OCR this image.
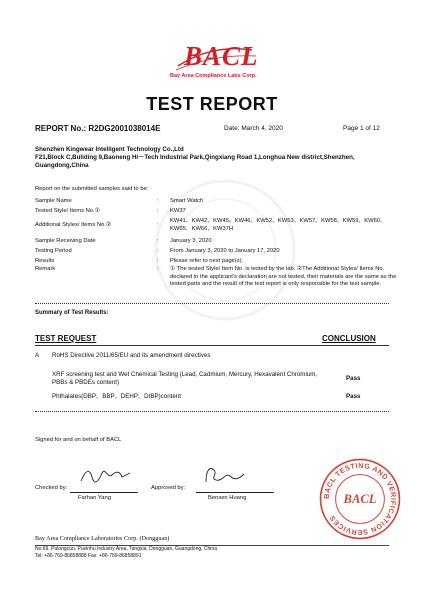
BACL
Bay Area Compliance Labs Corp.
TEST REPORT
REPORT No.: R2DG2001038014E	Date: March 4, 2020	Page 1 of 12
Shenzhen Kingwear Intelligent Technology Co.,Ltd
F21,Block C,Buliding 9,Baoneng Hi－Tech Industrial Park,Qingxiang Road 1,Longhua New district,Shenzhen, Guangdong,China
Report on the submitted samples said to be:
Sample Name	: Smart Watch
Tested Style/ Items No.①	: KW37
Additional Styles/ Items No.②	:
KW41、KW42、KW45、KW46、KW52、KW53、KW57、KW58、KW59、KW60、KW65、KW66、KW37H
Sample Receiving Date	: January 3, 2020
Testing Period	: From January 3, 2020 to January 17, 2020
Results	: Please refer to next page(s).
Remark	: ① The tested Style/ Item No. is tested by the lab. ②The Additional Styles/ Items No. declared in the applicant's declaration are not tested, their materials are the same as the tested parts and the result of the test report is only responsible for the test sample.
Summary of Test Results:
TEST REQUEST	CONCLUSION
A RoHS Directive 2011/65/EU and its amendment directives
XRF screening test and Wet Chemical Testing (Lead, Cadmium, Mercury, Hexavalent Chromium, PBBs & PBDEs content)
Pass
Phthalates(DBP、BBP、DEHP、DIBP)content	Pass
Signed for and on behalf of BACL
Checked by:
Farhan Yang
Approved by:
Bensen Huang	BACL TESTING AND VERIFICATION SERVICES
BACL
Bay Area Compliance Laboratories Corp. (Dongguan)
No.69, Pulongcun, Puxinhu Industry Area, Tangxia, Dongguan, Guangdong, China
Tel: +86-769-86858888 Fax: +86-769-86858891
